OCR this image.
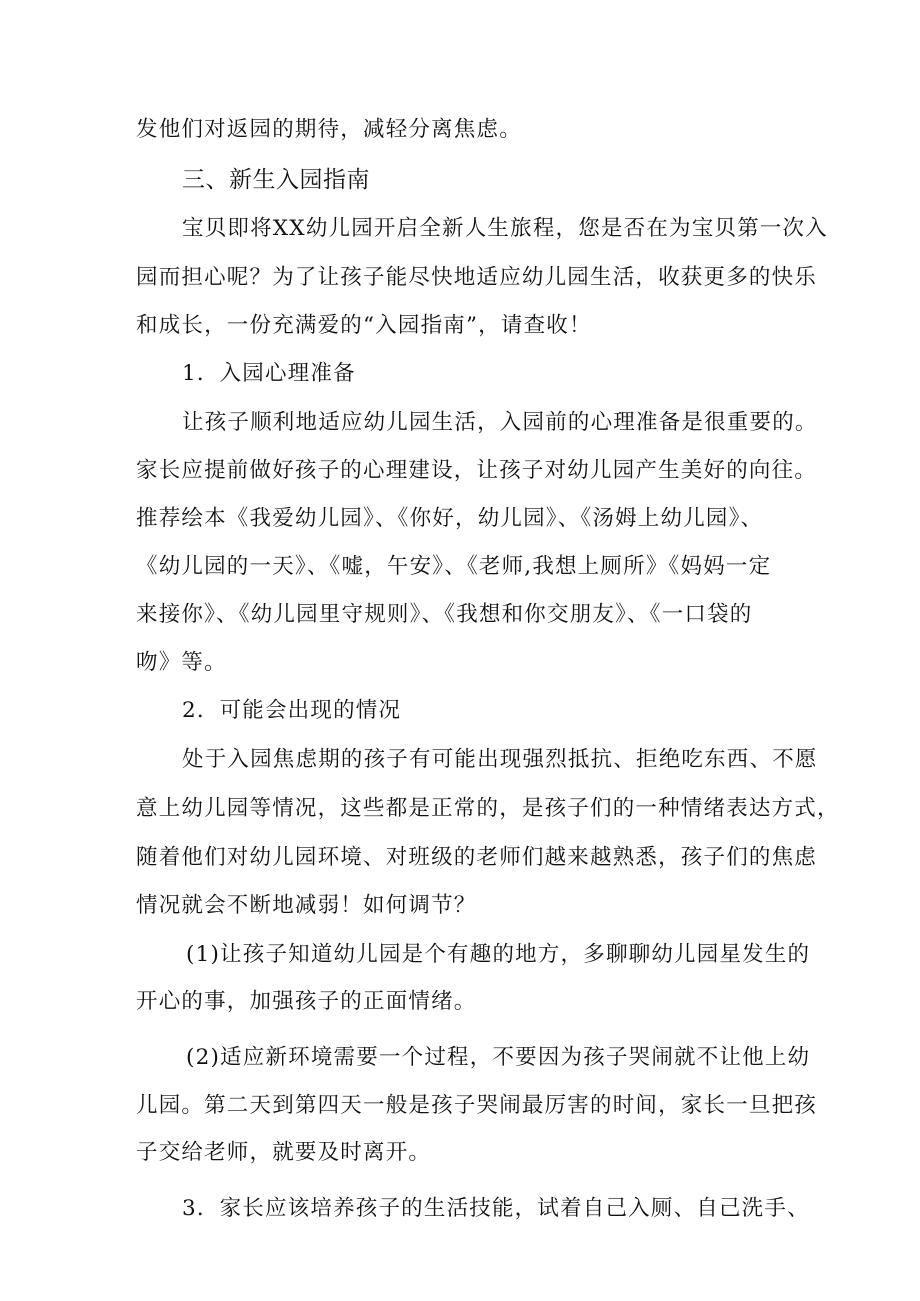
发他们对返园的期待，减轻分离焦虑。
三、新生入园指南
宝贝即将XX幼儿园开启全新人生旅程，您是否在为宝贝第一次入
园而担心呢？为了让孩子能尽快地适应幼儿园生活，收获更多的快乐
和成长，一份充满爱的“入园指南”，请查收！
1．入园心理准备
让孩子顺利地适应幼儿园生活，入园前的心理准备是很重要的。
家长应提前做好孩子的心理建设，让孩子对幼儿园产生美好的向往。
推荐绘本《我爱幼儿园》、《你好，幼儿园》、《汤姆上幼儿园》、
《幼儿园的一天》、《嘘，午安》、《老师,我想上厕所》《妈妈一定
来接你》、《幼儿园里守规则》、《我想和你交朋友》、《一口袋的
吻》等。
2．可能会出现的情况
处于入园焦虑期的孩子有可能出现强烈抵抗、拒绝吃东西、不愿
意上幼儿园等情况，这些都是正常的，是孩子们的一种情绪表达方式，
随着他们对幼儿园环境、对班级的老师们越来越熟悉，孩子们的焦虑
情况就会不断地减弱！如何调节？
(1)让孩子知道幼儿园是个有趣的地方，多聊聊幼儿园星发生的
开心的事，加强孩子的正面情绪。
(2)适应新环境需要一个过程，不要因为孩子哭闹就不让他上幼
儿园。第二天到第四天一般是孩子哭闹最厉害的时间，家长一旦把孩
子交给老师，就要及时离开。
3．家长应该培养孩子的生活技能，试着自己入厕、自己洗手、
